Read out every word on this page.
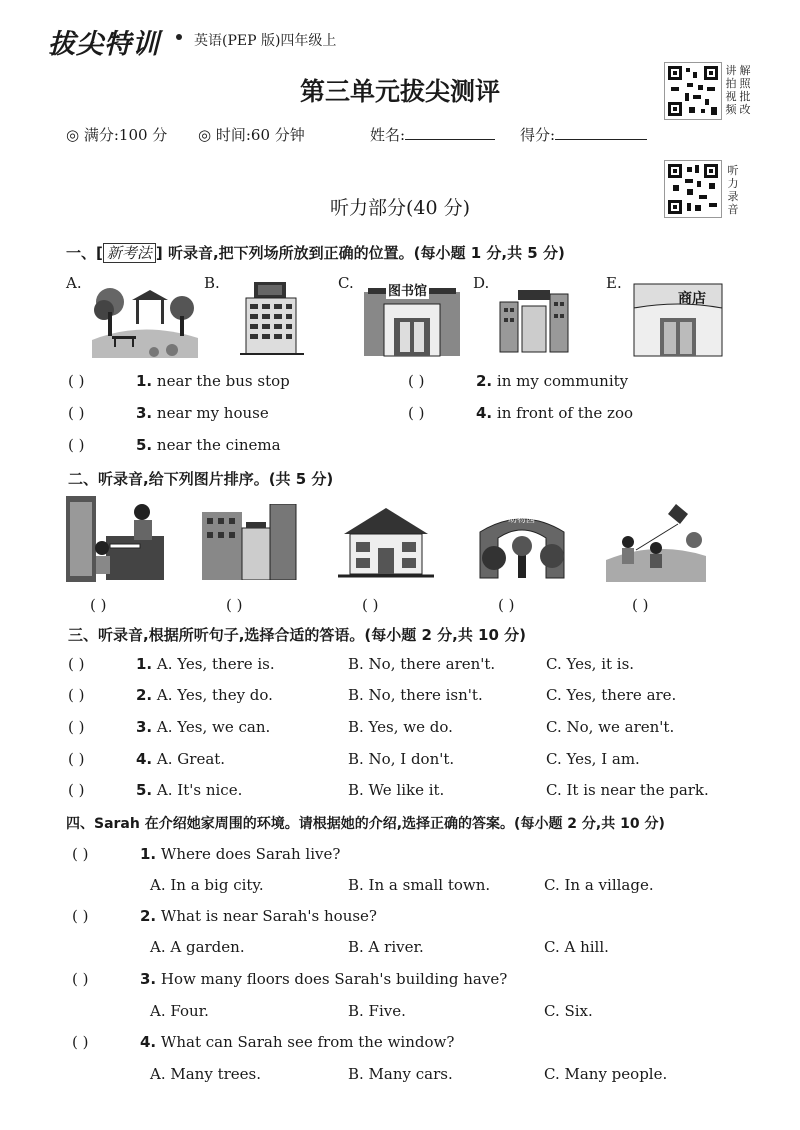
拔尖特训 英语(PEP 版)四年级上
第三单元拔尖测评
讲
拍
视
频
解
照
批
改
◎ 满分:100 分 ◎ 时间:60 分钟	姓名:	得分:
听
力
录
音
听力部分(40 分)
一、[ 新考法 ] 听录音,把下列场所放到正确的位置。(每小题 1 分,共 5 分)
A.	B.	C.	D.	E.
图书馆	商店
( )	1. near the bus stop	( )	2. in my community
( )	3. near my house	( )	4. in front of the zoo
( )	5. near the cinema
二、听录音,给下列图片排序。(共 5 分)
动物园
( )	( )	( )	( )	( )
三、听录音,根据所听句子,选择合适的答语。(每小题 2 分,共 10 分)
( )	1. A. Yes, there is.	B. No, there aren't.	C. Yes, it is.
( )	2. A. Yes, they do.	B. No, there isn't.	C. Yes, there are.
( )	3. A. Yes, we can.	B. Yes, we do.	C. No, we aren't.
( )	4. A. Great.	B. No, I don't.	C. Yes, I am.
( )	5. A. It's nice.	B. We like it.	C. It is near the park.
四、Sarah 在介绍她家周围的环境。请根据她的介绍,选择正确的答案。(每小题 2 分,共 10 分)
( )	1. Where does Sarah live?
A. In a big city.	B. In a small town.	C. In a village.
( )	2. What is near Sarah's house?
A. A garden.	B. A river.	C. A hill.
( )	3. How many floors does Sarah's building have?
A. Four.	B. Five.	C. Six.
( )	4. What can Sarah see from the window?
A. Many trees.	B. Many cars.	C. Many people.
